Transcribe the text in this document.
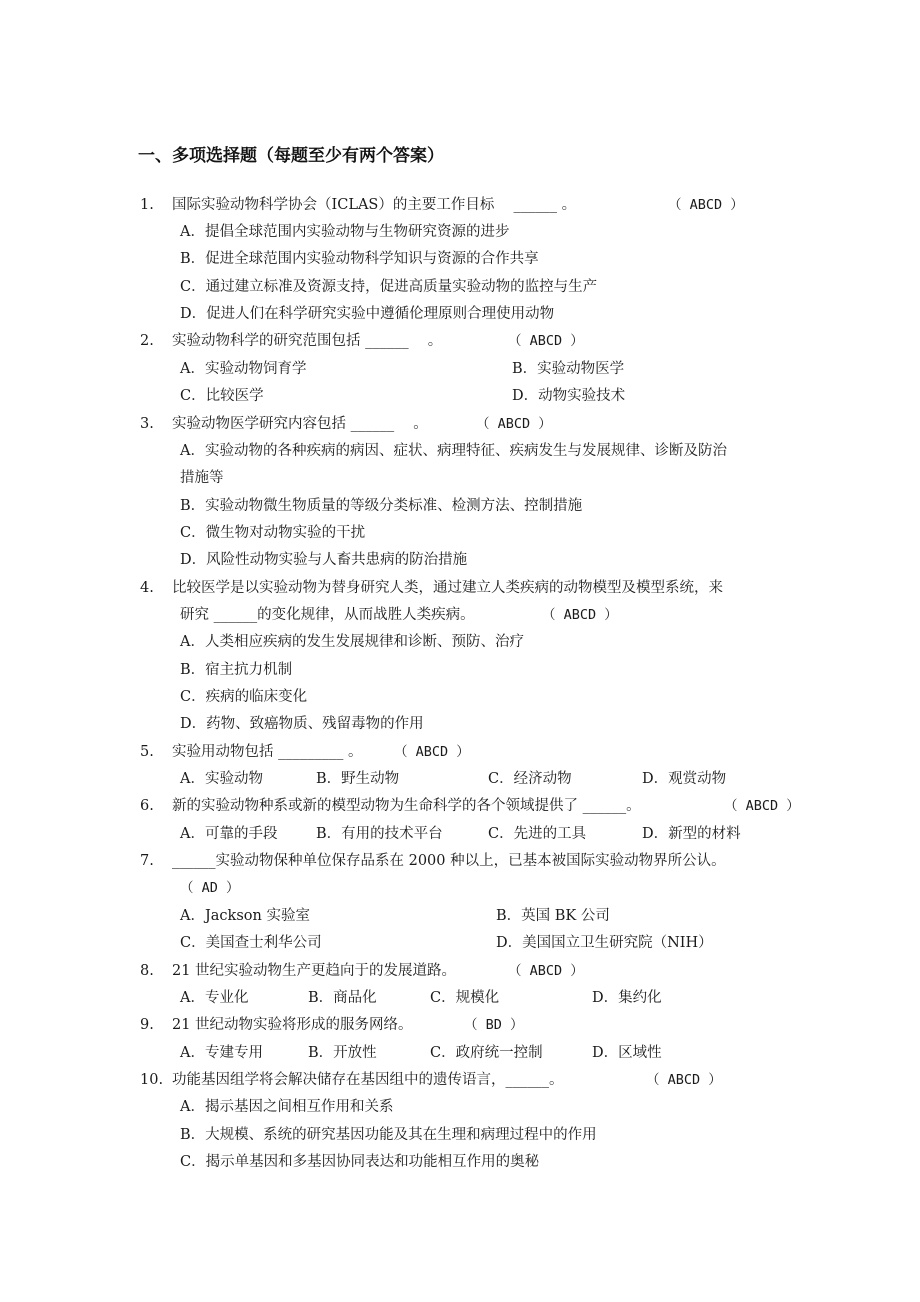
一、多项选择题（每题至少有两个答案）
1. 国际实验动物科学协会（ICLAS）的主要工作目标　 ______ 。	（ ABCD ）
A．提倡全球范围内实验动物与生物研究资源的进步
B．促进全球范围内实验动物科学知识与资源的合作共享
C．通过建立标准及资源支持，促进高质量实验动物的监控与生产
D．促进人们在科学研究实验中遵循伦理原则合理使用动物
2. 实验动物科学的研究范围包括 ______　 。	（ ABCD ）
A．实验动物饲育学	B．实验动物医学
C．比较医学	D．动物实验技术
3. 实验动物医学研究内容包括 ______　 。	（ ABCD ）
A．实验动物的各种疾病的病因、症状、病理特征、疾病发生与发展规律、诊断及防治
措施等
B．实验动物微生物质量的等级分类标准、检测方法、控制措施
C．微生物对动物实验的干扰
D．风险性动物实验与人畜共患病的防治措施
4. 比较医学是以实验动物为替身研究人类，通过建立人类疾病的动物模型及模型系统，来
研究 ______的变化规律，从而战胜人类疾病。	（ ABCD ）
A．人类相应疾病的发生发展规律和诊断、预防、治疗
B．宿主抗力机制
C．疾病的临床变化
D．药物、致癌物质、残留毒物的作用
5. 实验用动物包括 _________ 。 （ ABCD ）
A．实验动物	B．野生动物	C．经济动物	D．观赏动物
6. 新的实验动物种系或新的模型动物为生命科学的各个领域提供了 ______。	（ ABCD ）
A．可靠的手段	B．有用的技术平台	C．先进的工具	D．新型的材料
7. ______实验动物保种单位保存品系在 2000 种以上，已基本被国际实验动物界所公认。
（ AD ）
A．Jackson 实验室	B．英国 BK 公司
C．美国查士利华公司	D．美国国立卫生研究院（NIH）
8. 21 世纪实验动物生产更趋向于的发展道路。	（ ABCD ）
A．专业化	B．商品化	C．规模化	D．集约化
9. 21 世纪动物实验将形成的服务网络。	（ BD ）
A．专建专用	B．开放性	C．政府统一控制	D．区域性
10. 功能基因组学将会解决储存在基因组中的遗传语言，______。	（ ABCD ）
A．揭示基因之间相互作用和关系
B．大规模、系统的研究基因功能及其在生理和病理过程中的作用
C．揭示单基因和多基因协同表达和功能相互作用的奥秘
